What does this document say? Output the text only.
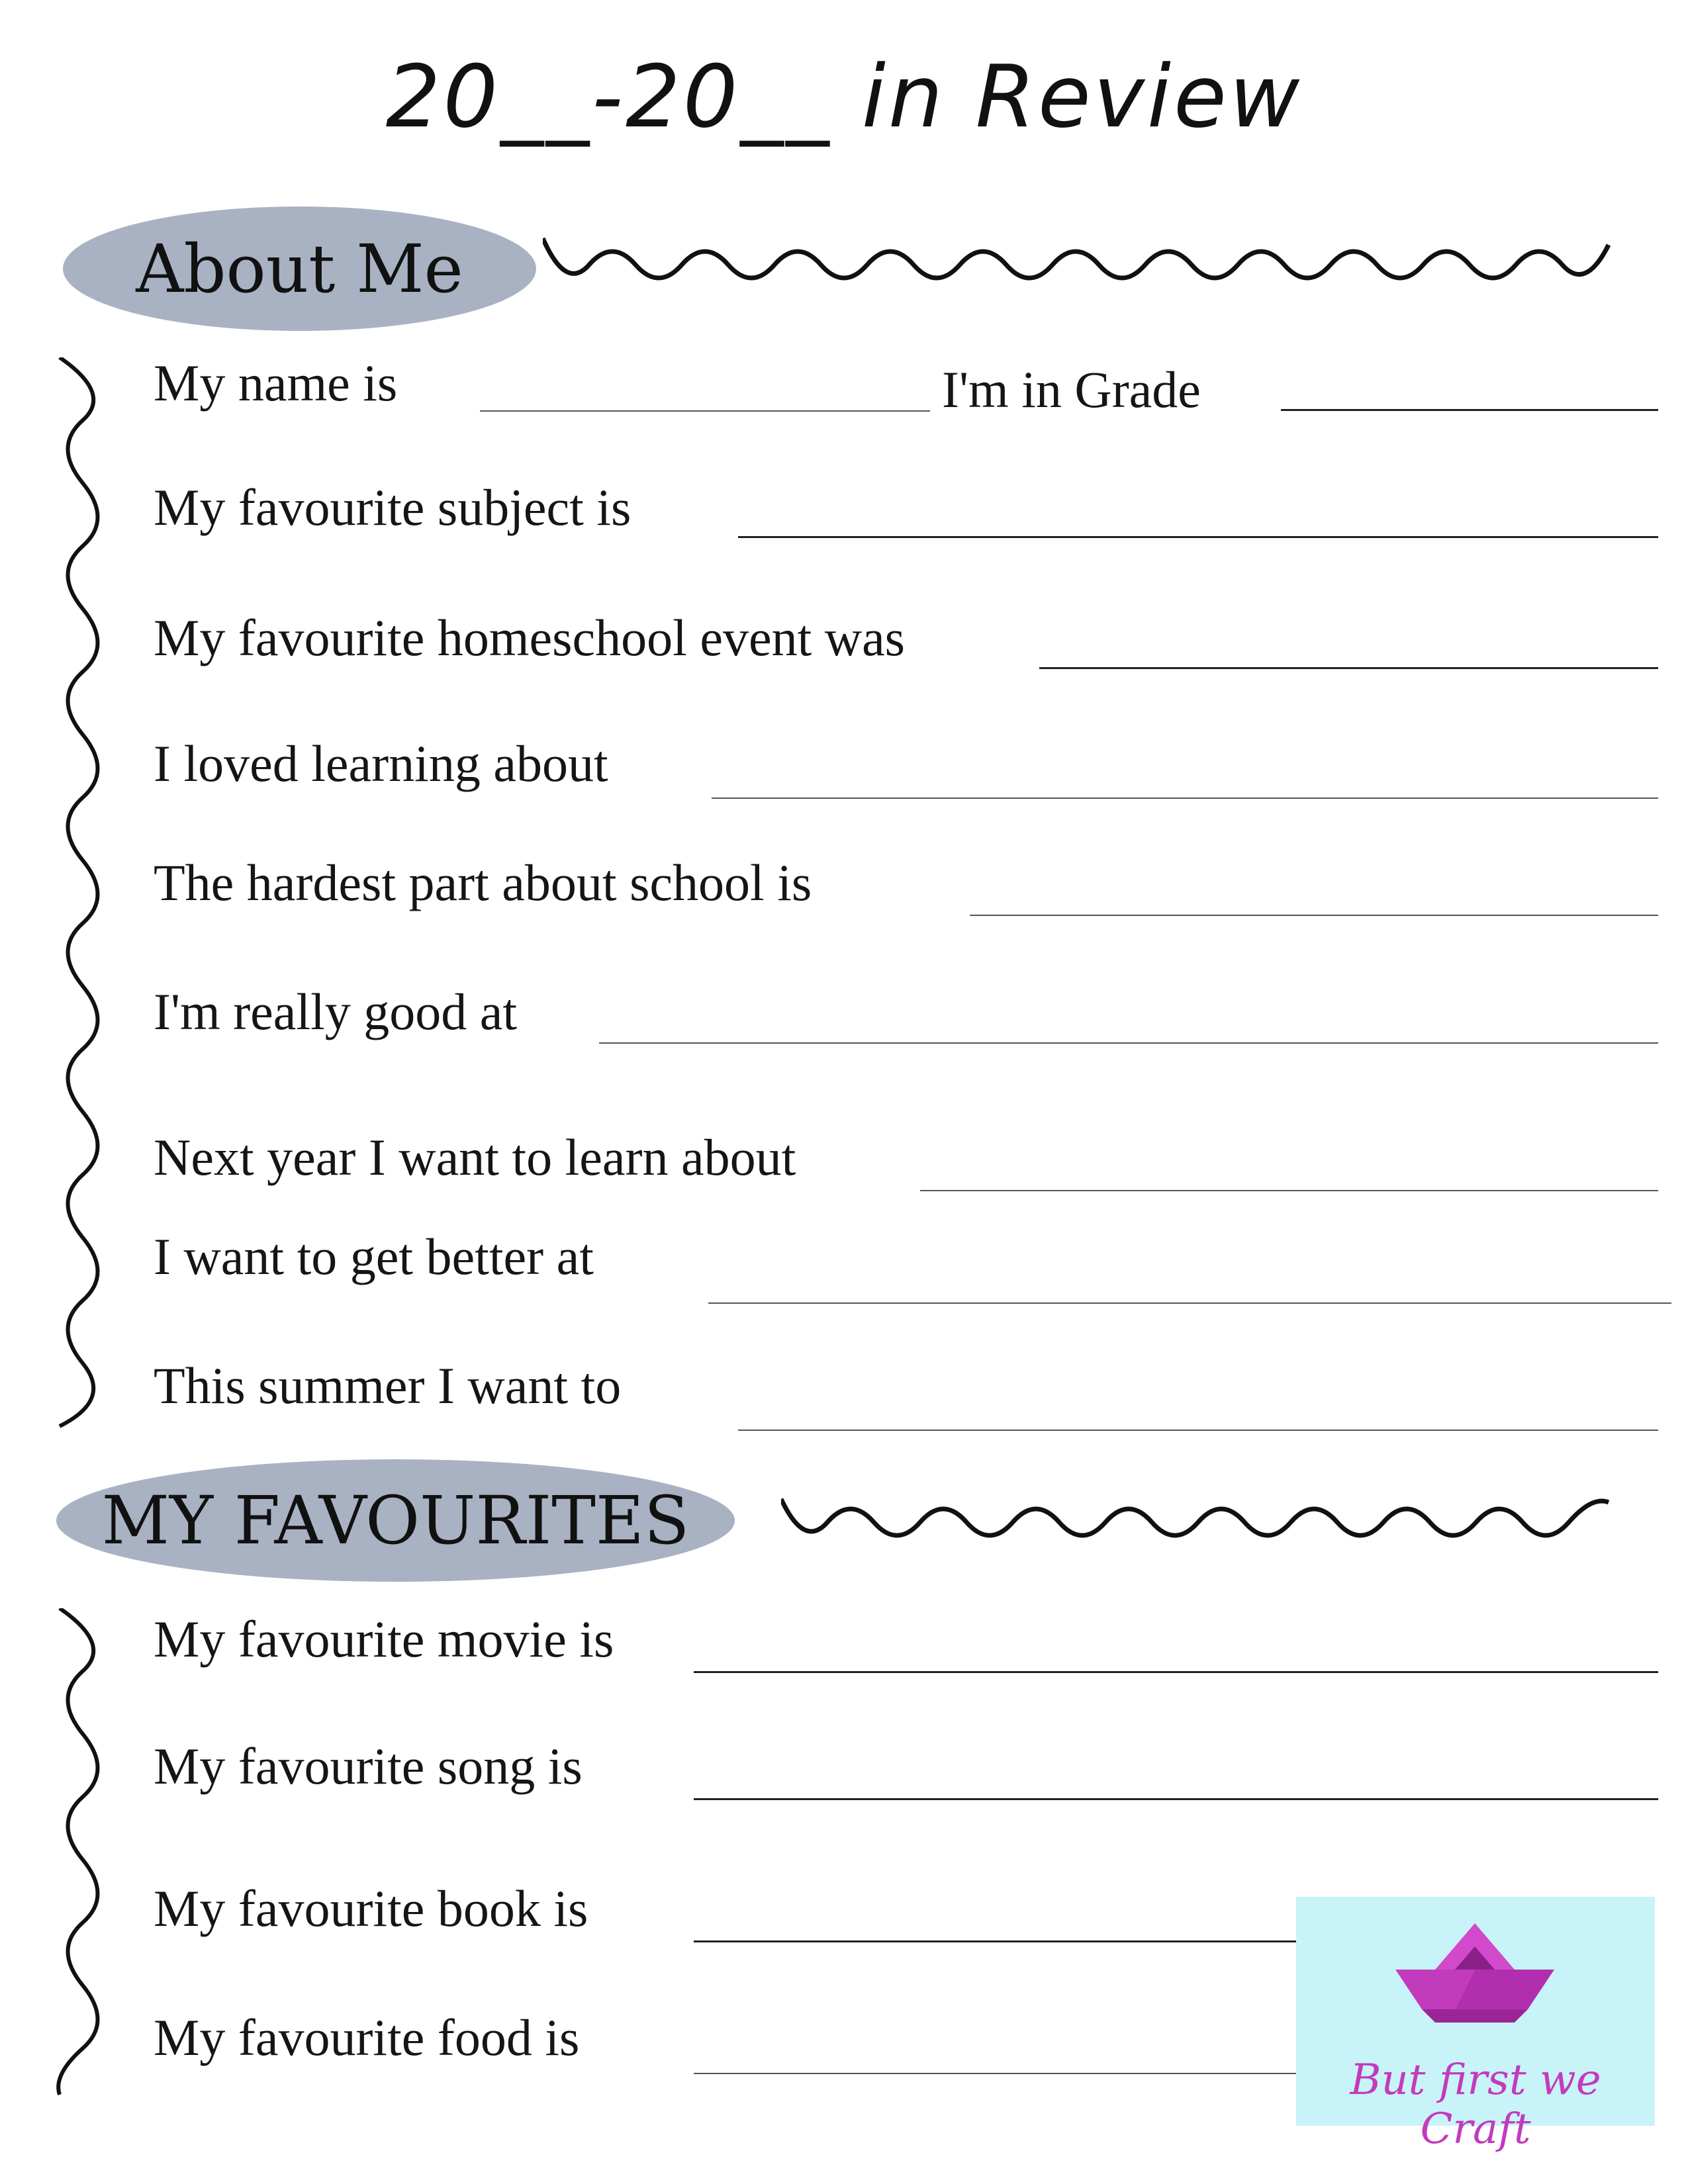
20__-20__ in Review
About Me
My name is	I'm in Grade
My favourite subject is
My favourite homeschool event was
I loved learning about
The hardest part about school is
I'm really good at
Next year I want to learn about
I want to get better at
This summer I want to
MY FAVOURITES
My favourite movie is
My favourite song is
My favourite book is
My favourite food is
But first we Craft
